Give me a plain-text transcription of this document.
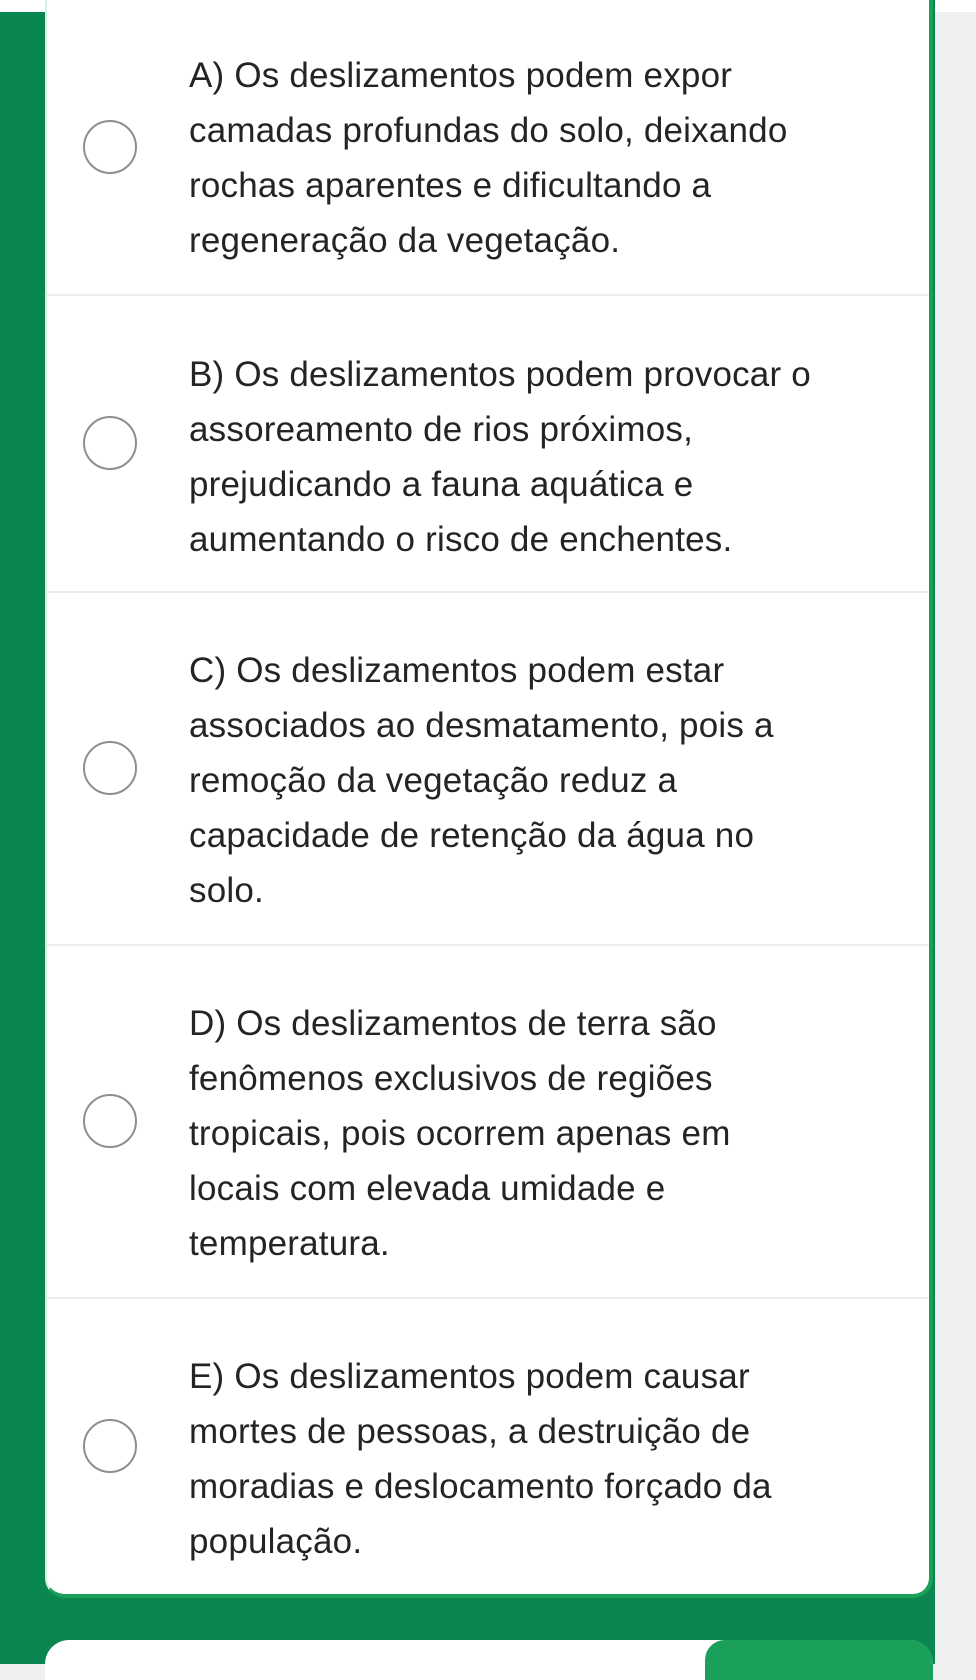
A) Os deslizamentos podem expor
camadas profundas do solo, deixando
rochas aparentes e dificultando a
regeneração da vegetação.
B) Os deslizamentos podem provocar o
assoreamento de rios próximos,
prejudicando a fauna aquática e
aumentando o risco de enchentes.
C) Os deslizamentos podem estar
associados ao desmatamento, pois a
remoção da vegetação reduz a
capacidade de retenção da água no
solo.
D) Os deslizamentos de terra são
fenômenos exclusivos de regiões
tropicais, pois ocorrem apenas em
locais com elevada umidade e
temperatura.
E) Os deslizamentos podem causar
mortes de pessoas, a destruição de
moradias e deslocamento forçado da
população.
